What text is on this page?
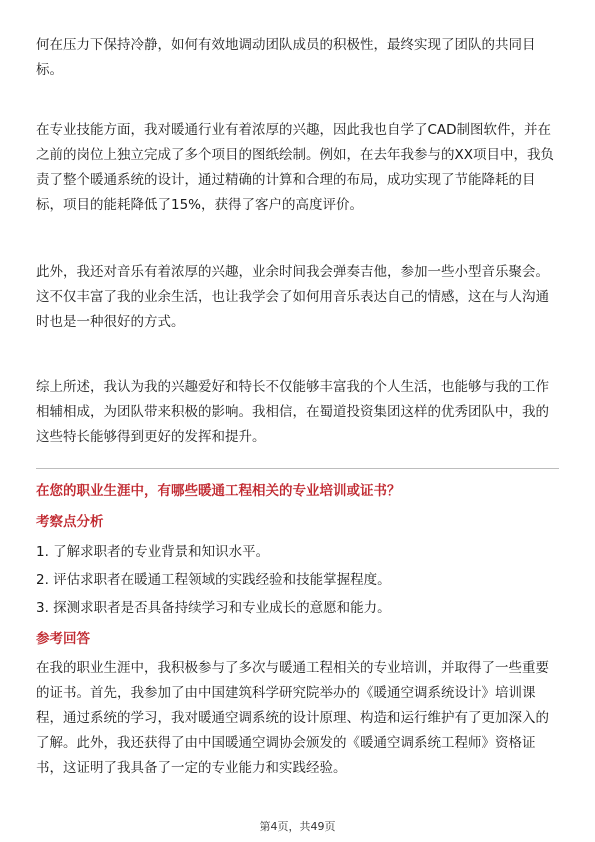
何在压力下保持冷静，如何有效地调动团队成员的积极性，最终实现了团队的共同目标。

在专业技能方面，我对暖通行业有着浓厚的兴趣，因此我也自学了CAD制图软件，并在之前的岗位上独立完成了多个项目的图纸绘制。例如，在去年我参与的XX项目中，我负责了整个暖通系统的设计，通过精确的计算和合理的布局，成功实现了节能降耗的目标，项目的能耗降低了15%，获得了客户的高度评价。

此外，我还对音乐有着浓厚的兴趣，业余时间我会弹奏吉他，参加一些小型音乐聚会。这不仅丰富了我的业余生活，也让我学会了如何用音乐表达自己的情感，这在与人沟通时也是一种很好的方式。

综上所述，我认为我的兴趣爱好和特长不仅能够丰富我的个人生活，也能够与我的工作相辅相成，为团队带来积极的影响。我相信，在蜀道投资集团这样的优秀团队中，我的这些特长能够得到更好的发挥和提升。

在您的职业生涯中，有哪些暖通工程相关的专业培训或证书？

考察点分析

1. 了解求职者的专业背景和知识水平。
2. 评估求职者在暖通工程领域的实践经验和技能掌握程度。
3. 探测求职者是否具备持续学习和专业成长的意愿和能力。

参考回答

在我的职业生涯中，我积极参与了多次与暖通工程相关的专业培训，并取得了一些重要的证书。首先，我参加了由中国建筑科学研究院举办的《暖通空调系统设计》培训课程，通过系统的学习，我对暖通空调系统的设计原理、构造和运行维护有了更加深入的了解。此外，我还获得了由中国暖通空调协会颁发的《暖通空调系统工程师》资格证书，这证明了我具备了一定的专业能力和实践经验。

第4页，共49页
